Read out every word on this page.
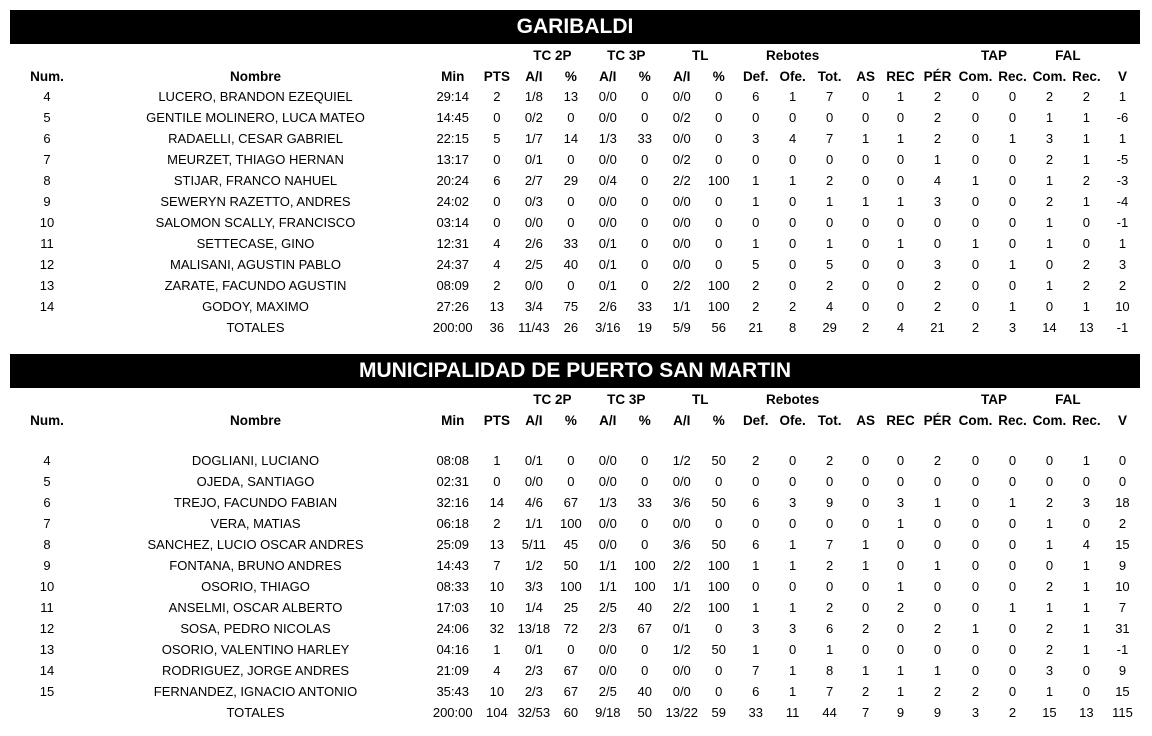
GARIBALDI
				TC 2P		TC 3P		TL		Rebotes						TAP		FAL		
Num.	Nombre	Min	PTS	A/I	%	A/I	%	A/I	%	Def.	Ofe.	Tot.	AS	REC	PÉR	Com.	Rec.	Com.	Rec.	V
4	LUCERO, BRANDON EZEQUIEL	29:14	2	1/8	13	0/0	0	0/0	0	6	1	7	0	1	2	0	0	2	2	1
5	GENTILE MOLINERO, LUCA MATEO	14:45	0	0/2	0	0/0	0	0/2	0	0	0	0	0	0	2	0	0	1	1	-6
6	RADAELLI, CESAR GABRIEL	22:15	5	1/7	14	1/3	33	0/0	0	3	4	7	1	1	2	0	1	3	1	1
7	MEURZET, THIAGO HERNAN	13:17	0	0/1	0	0/0	0	0/2	0	0	0	0	0	0	1	0	0	2	1	-5
8	STIJAR, FRANCO NAHUEL	20:24	6	2/7	29	0/4	0	2/2	100	1	1	2	0	0	4	1	0	1	2	-3
9	SEWERYN RAZETTO, ANDRES	24:02	0	0/3	0	0/0	0	0/0	0	1	0	1	1	1	3	0	0	2	1	-4
10	SALOMON SCALLY, FRANCISCO	03:14	0	0/0	0	0/0	0	0/0	0	0	0	0	0	0	0	0	0	1	0	-1
11	SETTECASE, GINO	12:31	4	2/6	33	0/1	0	0/0	0	1	0	1	0	1	0	1	0	1	0	1
12	MALISANI, AGUSTIN PABLO	24:37	4	2/5	40	0/1	0	0/0	0	5	0	5	0	0	3	0	1	0	2	3
13	ZARATE, FACUNDO AGUSTIN	08:09	2	0/0	0	0/1	0	2/2	100	2	0	2	0	0	2	0	0	1	2	2
14	GODOY, MAXIMO	27:26	13	3/4	75	2/6	33	1/1	100	2	2	4	0	0	2	0	1	0	1	10
	TOTALES	200:00	36	11/43	26	3/16	19	5/9	56	21	8	29	2	4	21	2	3	14	13	-1
MUNICIPALIDAD DE PUERTO SAN MARTIN
				TC 2P		TC 3P		TL		Rebotes						TAP		FAL		
Num.	Nombre	Min	PTS	A/I	%	A/I	%	A/I	%	Def.	Ofe.	Tot.	AS	REC	PÉR	Com.	Rec.	Com.	Rec.	V

4	DOGLIANI, LUCIANO	08:08	1	0/1	0	0/0	0	1/2	50	2	0	2	0	0	2	0	0	0	1	0
5	OJEDA, SANTIAGO	02:31	0	0/0	0	0/0	0	0/0	0	0	0	0	0	0	0	0	0	0	0	0
6	TREJO, FACUNDO FABIAN	32:16	14	4/6	67	1/3	33	3/6	50	6	3	9	0	3	1	0	1	2	3	18
7	VERA, MATIAS	06:18	2	1/1	100	0/0	0	0/0	0	0	0	0	0	1	0	0	0	1	0	2
8	SANCHEZ, LUCIO OSCAR ANDRES	25:09	13	5/11	45	0/0	0	3/6	50	6	1	7	1	0	0	0	0	1	4	15
9	FONTANA, BRUNO ANDRES	14:43	7	1/2	50	1/1	100	2/2	100	1	1	2	1	0	1	0	0	0	1	9
10	OSORIO, THIAGO	08:33	10	3/3	100	1/1	100	1/1	100	0	0	0	0	1	0	0	0	2	1	10
11	ANSELMI, OSCAR ALBERTO	17:03	10	1/4	25	2/5	40	2/2	100	1	1	2	0	2	0	0	1	1	1	7
12	SOSA, PEDRO NICOLAS	24:06	32	13/18	72	2/3	67	0/1	0	3	3	6	2	0	2	1	0	2	1	31
13	OSORIO, VALENTINO HARLEY	04:16	1	0/1	0	0/0	0	1/2	50	1	0	1	0	0	0	0	0	2	1	-1
14	RODRIGUEZ, JORGE ANDRES	21:09	4	2/3	67	0/0	0	0/0	0	7	1	8	1	1	1	0	0	3	0	9
15	FERNANDEZ, IGNACIO ANTONIO	35:43	10	2/3	67	2/5	40	0/0	0	6	1	7	2	1	2	2	0	1	0	15
	TOTALES	200:00	104	32/53	60	9/18	50	13/22	59	33	11	44	7	9	9	3	2	15	13	115
